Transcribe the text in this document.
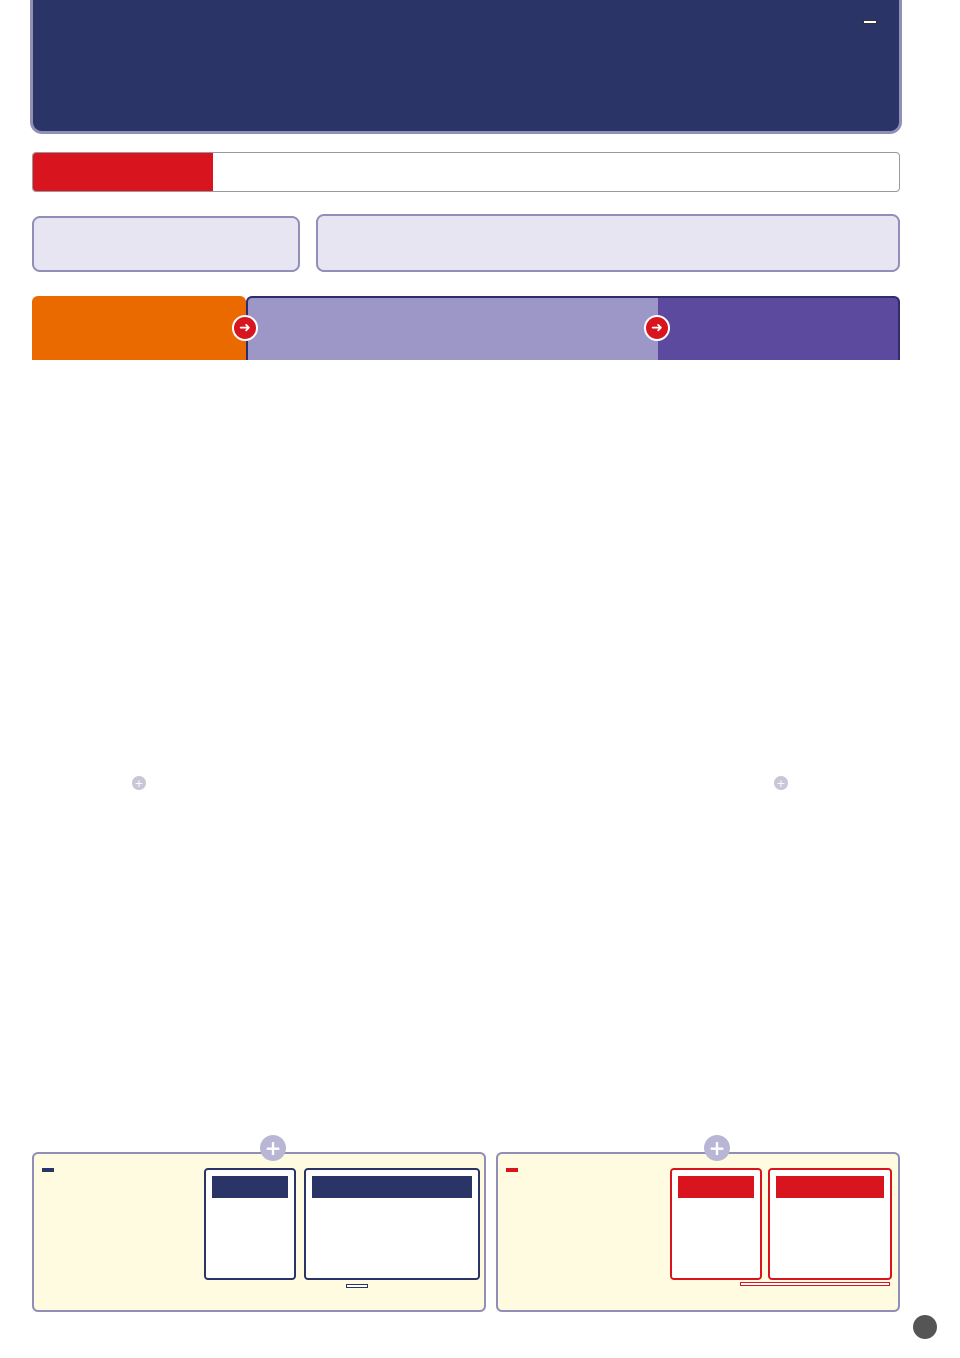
➜	➜
+	+
+	+
